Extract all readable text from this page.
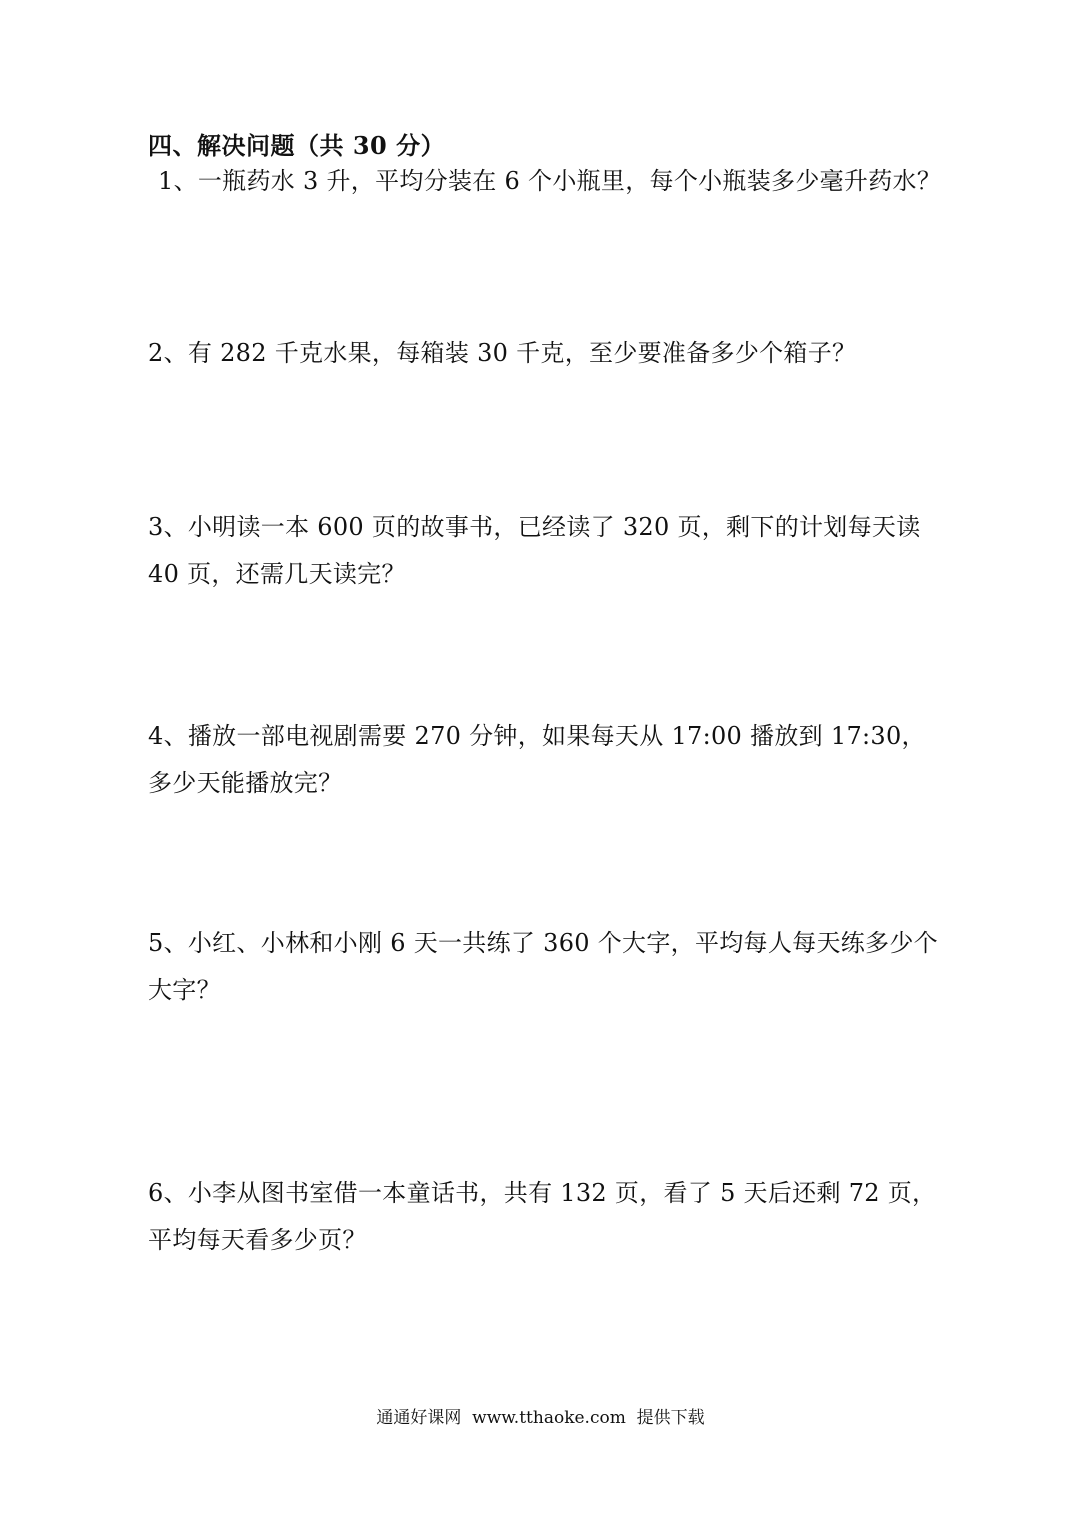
四、解决问题（共 30 分）
1、一瓶药水 3 升，平均分装在 6 个小瓶里，每个小瓶装多少毫升药水？
2、有 282 千克水果，每箱装 30 千克，至少要准备多少个箱子？
3、小明读一本 600 页的故事书，已经读了 320 页，剩下的计划每天读 40 页，还需几天读完？
4、播放一部电视剧需要 270 分钟，如果每天从 17:00 播放到 17:30，多少天能播放完？
5、小红、小林和小刚 6 天一共练了 360 个大字，平均每人每天练多少个大字？
6、小李从图书室借一本童话书，共有 132 页，看了 5 天后还剩 72 页，平均每天看多少页？
通通好课网  www.tthaoke.com  提供下载
